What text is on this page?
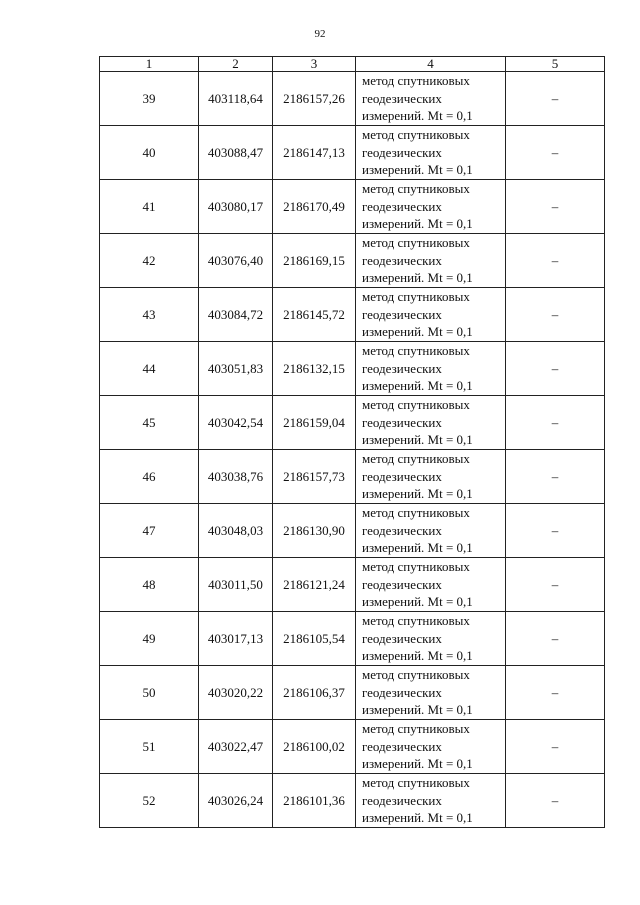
92
1	2	3	4	5
39	403118,64	2186157,26	метод спутниковых
геодезических
измерений. Mt = 0,1	–
40	403088,47	2186147,13	метод спутниковых
геодезических
измерений. Mt = 0,1	–
41	403080,17	2186170,49	метод спутниковых
геодезических
измерений. Mt = 0,1	–
42	403076,40	2186169,15	метод спутниковых
геодезических
измерений. Mt = 0,1	–
43	403084,72	2186145,72	метод спутниковых
геодезических
измерений. Mt = 0,1	–
44	403051,83	2186132,15	метод спутниковых
геодезических
измерений. Mt = 0,1	–
45	403042,54	2186159,04	метод спутниковых
геодезических
измерений. Mt = 0,1	–
46	403038,76	2186157,73	метод спутниковых
геодезических
измерений. Mt = 0,1	–
47	403048,03	2186130,90	метод спутниковых
геодезических
измерений. Mt = 0,1	–
48	403011,50	2186121,24	метод спутниковых
геодезических
измерений. Mt = 0,1	–
49	403017,13	2186105,54	метод спутниковых
геодезических
измерений. Mt = 0,1	–
50	403020,22	2186106,37	метод спутниковых
геодезических
измерений. Mt = 0,1	–
51	403022,47	2186100,02	метод спутниковых
геодезических
измерений. Mt = 0,1	–
52	403026,24	2186101,36	метод спутниковых
геодезических
измерений. Mt = 0,1	–
